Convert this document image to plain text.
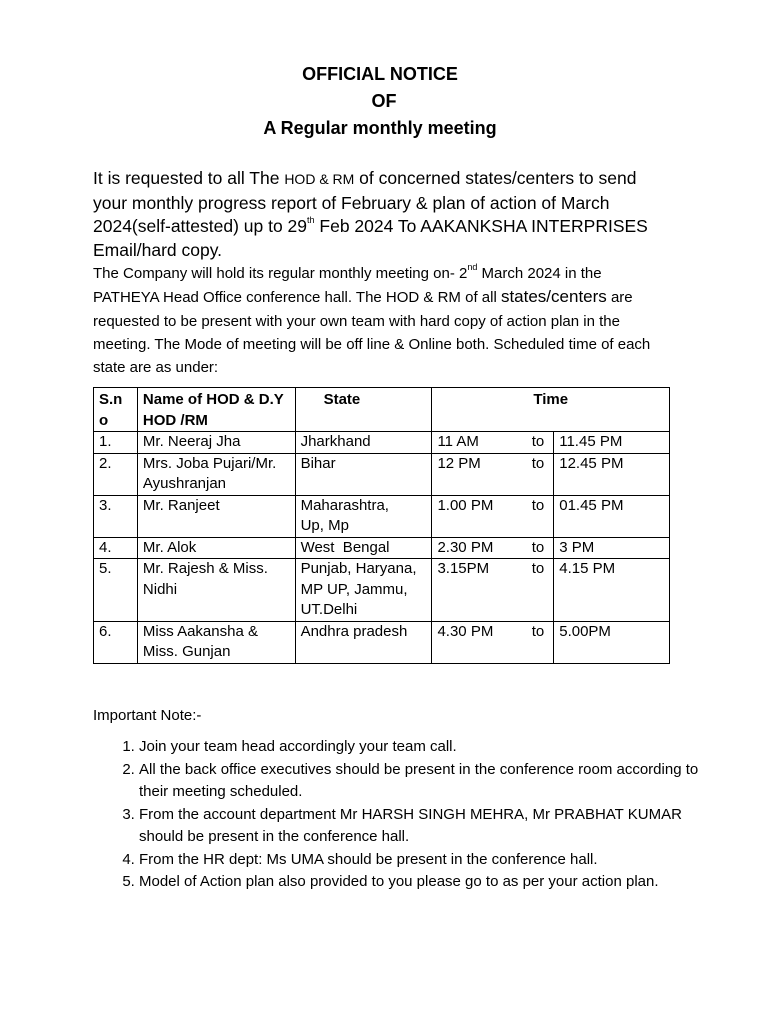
OFFICIAL NOTICE
OF
A Regular monthly meeting

It is requested to all The HOD & RM of concerned states/centers to send your monthly progress report of February & plan of action of March 2024(self-attested) up to 29th Feb 2024 To AAKANKSHA INTERPRISES Email/hard copy.

The Company will hold its regular monthly meeting on- 2nd March 2024 in the PATHEYA Head Office conference hall. The HOD & RM of all states/centers are requested to be present with your own team with hard copy of action plan in the meeting. The Mode of meeting will be off line & Online both. Scheduled time of each state are as under:

S.n o	Name of HOD & D.Y HOD /RM	State	Time	
1.	Mr. Neeraj Jha	Jharkhand	11 AM to	11.45 PM
2.	Mrs. Joba Pujari/Mr. Ayushranjan	Bihar	12 PM to	12.45 PM
3.	Mr. Ranjeet	Maharashtra, Up, Mp	1.00 PM to	01.45 PM
4.	Mr. Alok	West  Bengal	2.30 PM to	3 PM
5.	Mr. Rajesh & Miss. Nidhi	Punjab, Haryana, MP UP, Jammu, UT.Delhi	3.15PM to	4.15 PM
6.	Miss Aakansha & Miss. Gunjan	Andhra pradesh	4.30 PM to	5.00PM

Important Note:-

1. Join your team head accordingly your team call.
2. All the back office executives should be present in the conference room according to their meeting scheduled.
3. From the account department Mr HARSH SINGH MEHRA, Mr PRABHAT KUMAR should be present in the conference hall.
4. From the HR dept: Ms UMA should be present in the conference hall.
5. Model of Action plan also provided to you please go to as per your action plan.
